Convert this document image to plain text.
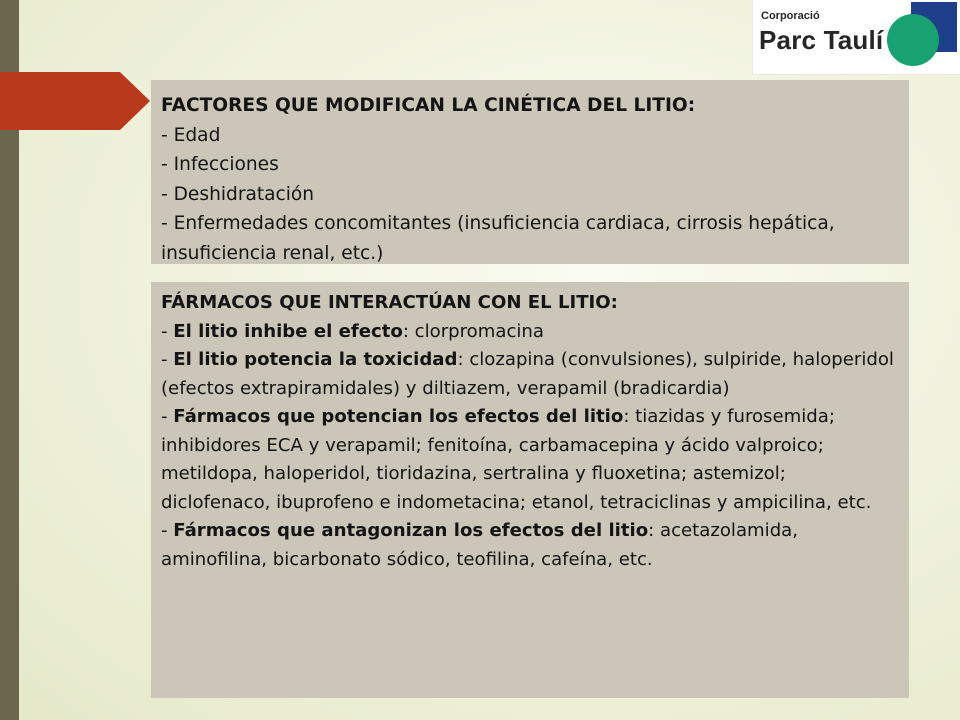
Corporació
Parc Taulí
FACTORES QUE MODIFICAN LA CINÉTICA DEL LITIO:
- Edad
- Infecciones
- Deshidratación
- Enfermedades concomitantes (insuficiencia cardiaca, cirrosis hepática, insuficiencia renal, etc.)
FÁRMACOS QUE INTERACTÚAN CON EL LITIO:
- El litio inhibe el efecto: clorpromacina
- El litio potencia la toxicidad: clozapina (convulsiones), sulpiride, haloperidol (efectos extrapiramidales) y diltiazem, verapamil (bradicardia)
- Fármacos que potencian los efectos del litio: tiazidas y furosemida; inhibidores ECA y verapamil; fenitoína, carbamacepina y ácido valproico; metildopa, haloperidol, tioridazina, sertralina y fluoxetina; astemizol; diclofenaco, ibuprofeno e indometacina; etanol, tetraciclinas y ampicilina, etc.
- Fármacos que antagonizan los efectos del litio: acetazolamida, aminofilina, bicarbonato sódico, teofilina, cafeína, etc.
